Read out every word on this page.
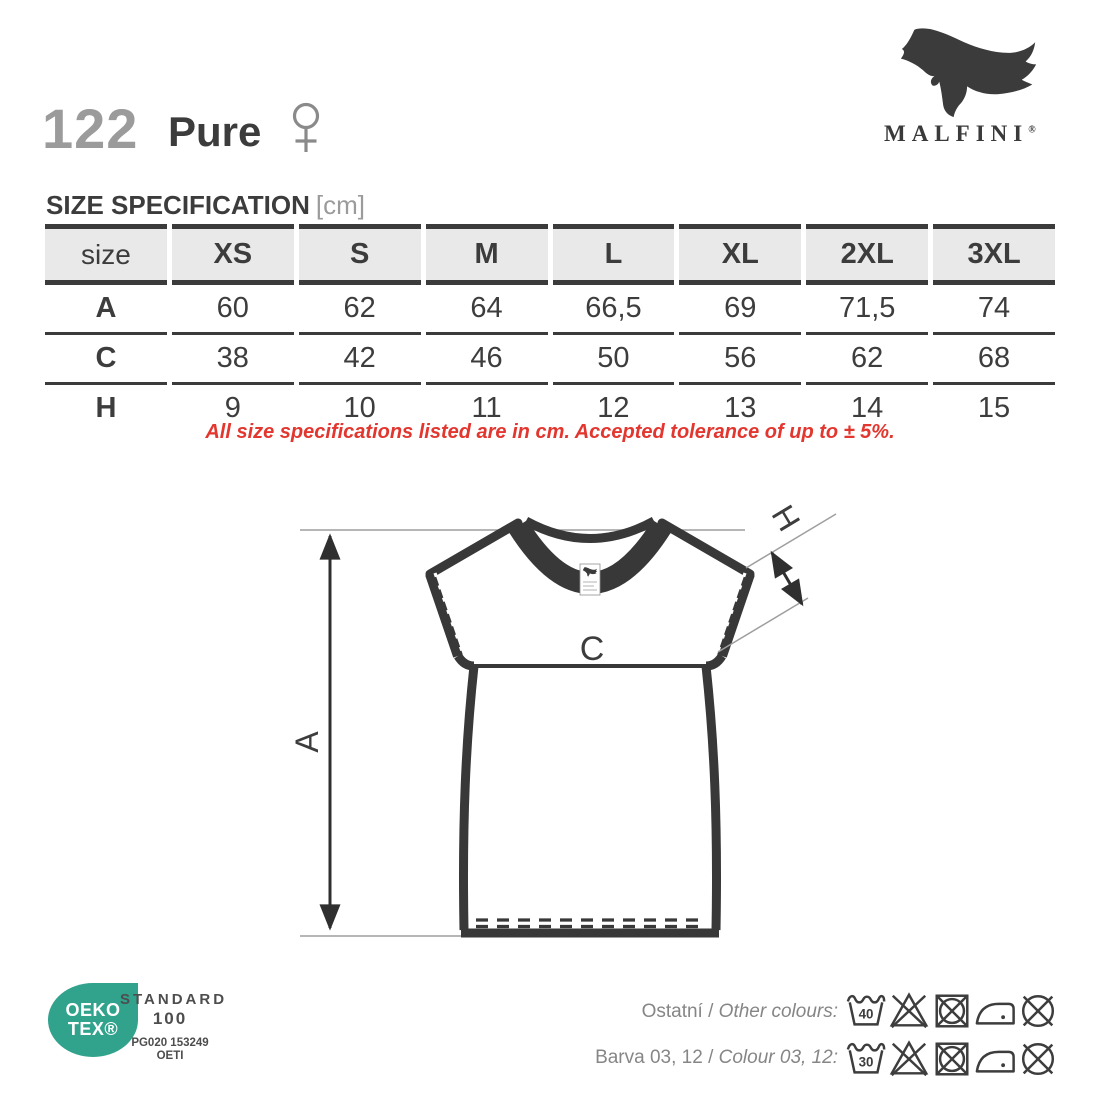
122 Pure	MALFINI®
SIZE SPECIFICATION [cm]
size	XS	S	M	L	XL	2XL	3XL
A	60	62	64	66,5	69	71,5	74
C	38	42	46	50	56	62	68
H	9	10	11	12	13	14	15
All size specifications listed are in cm. Accepted tolerance of up to ± 5%.
A
C
H
OEKO
TEX®
STANDARD
100
PG020 153249
OETI
Ostatní / Other colours:
Barva 03, 12 / Colour 03, 12:
40
30
